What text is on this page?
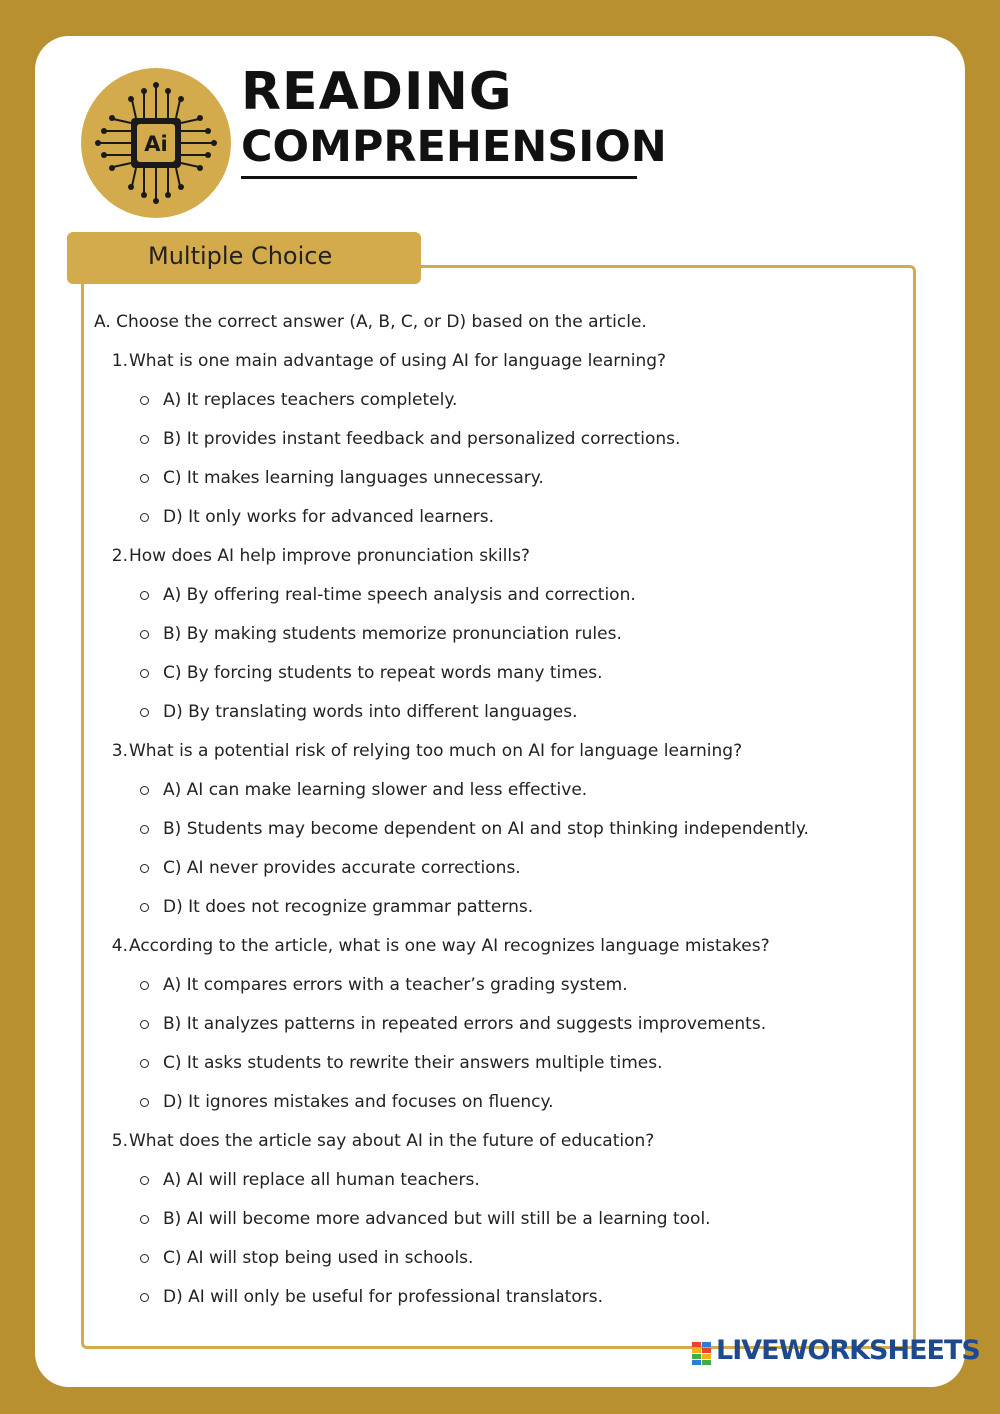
Ai
READING
COMPREHENSION
Multiple Choice
A. Choose the correct answer (A, B, C, or D) based on the article.
1. What is one main advantage of using AI for language learning?
A) It replaces teachers completely.
B) It provides instant feedback and personalized corrections.
C) It makes learning languages unnecessary.
D) It only works for advanced learners.
2. How does AI help improve pronunciation skills?
A) By offering real-time speech analysis and correction.
B) By making students memorize pronunciation rules.
C) By forcing students to repeat words many times.
D) By translating words into different languages.
3. What is a potential risk of relying too much on AI for language learning?
A) AI can make learning slower and less effective.
B) Students may become dependent on AI and stop thinking independently.
C) AI never provides accurate corrections.
D) It does not recognize grammar patterns.
4. According to the article, what is one way AI recognizes language mistakes?
A) It compares errors with a teacher’s grading system.
B) It analyzes patterns in repeated errors and suggests improvements.
C) It asks students to rewrite their answers multiple times.
D) It ignores mistakes and focuses on fluency.
5. What does the article say about AI in the future of education?
A) AI will replace all human teachers.
B) AI will become more advanced but will still be a learning tool.
C) AI will stop being used in schools.
D) AI will only be useful for professional translators.
LIVEWORKSHEETS
